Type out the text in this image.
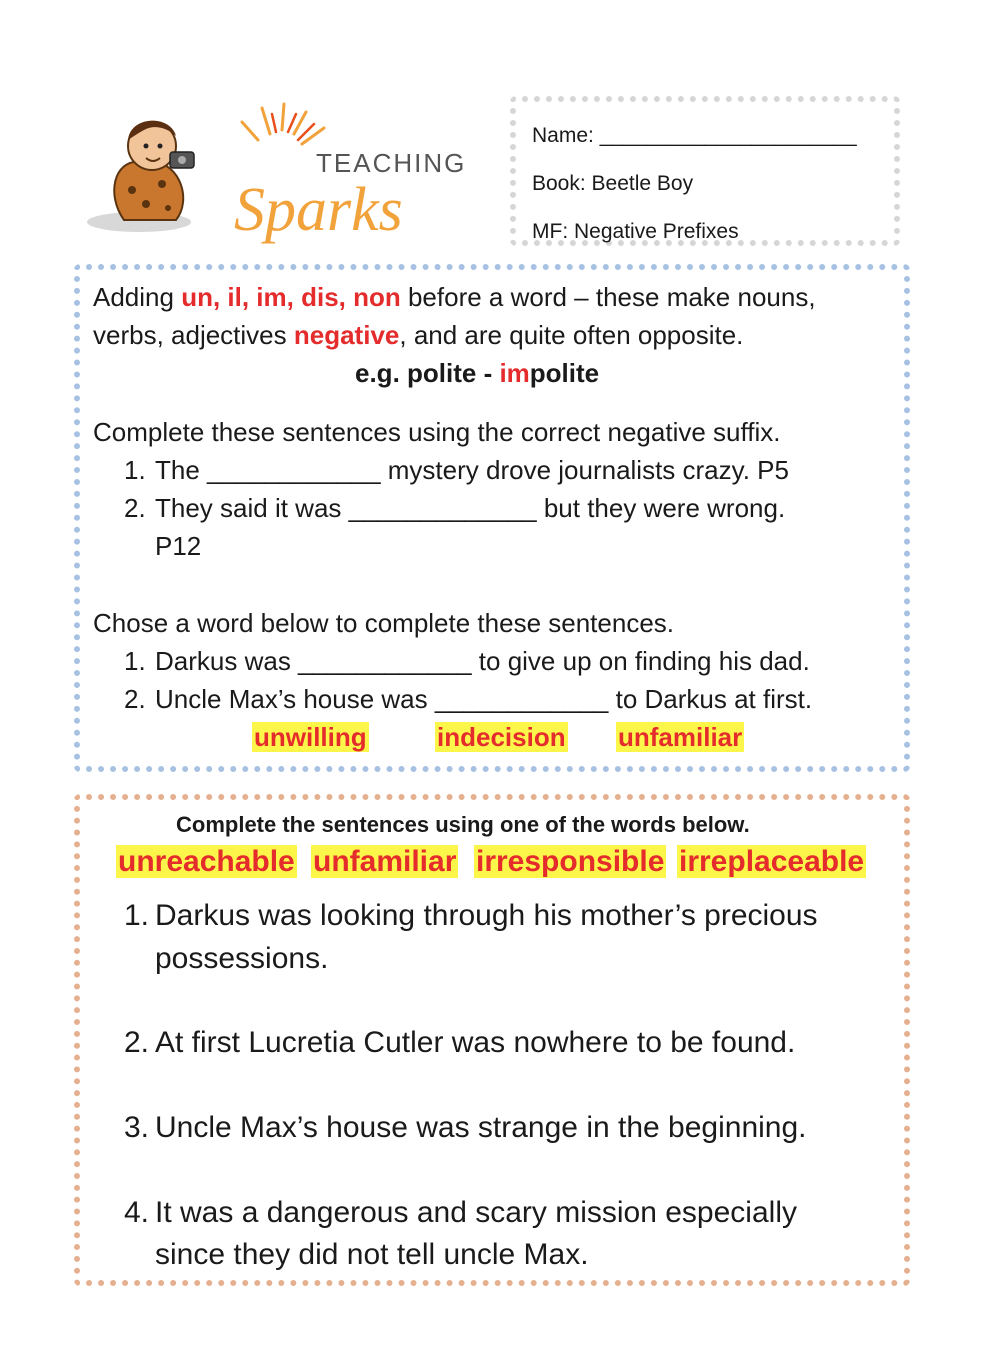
TEACHING
Sparks
Name: ______________________
Book: Beetle Boy
MF: Negative Prefixes
Adding un, il, im, dis, non before a word – these make nouns,
verbs, adjectives negative, and are quite often opposite.
e.g. polite - impolite
Complete these sentences using the correct negative suffix.
1. The ____________ mystery drove journalists crazy. P5
2. They said it was _____________ but they were wrong.
P12
Chose a word below to complete these sentences.
1. Darkus was ____________ to give up on finding his dad.
2. Uncle Max’s house was ____________ to Darkus at first.
unwilling	indecision unfamiliar
Complete the sentences using one of the words below.
unreachable unfamiliar irresponsible irreplaceable
1. Darkus was looking through his mother’s precious
possessions.
2. At first Lucretia Cutler was nowhere to be found.
3. Uncle Max’s house was strange in the beginning.
4. It was a dangerous and scary mission especially
since they did not tell uncle Max.
